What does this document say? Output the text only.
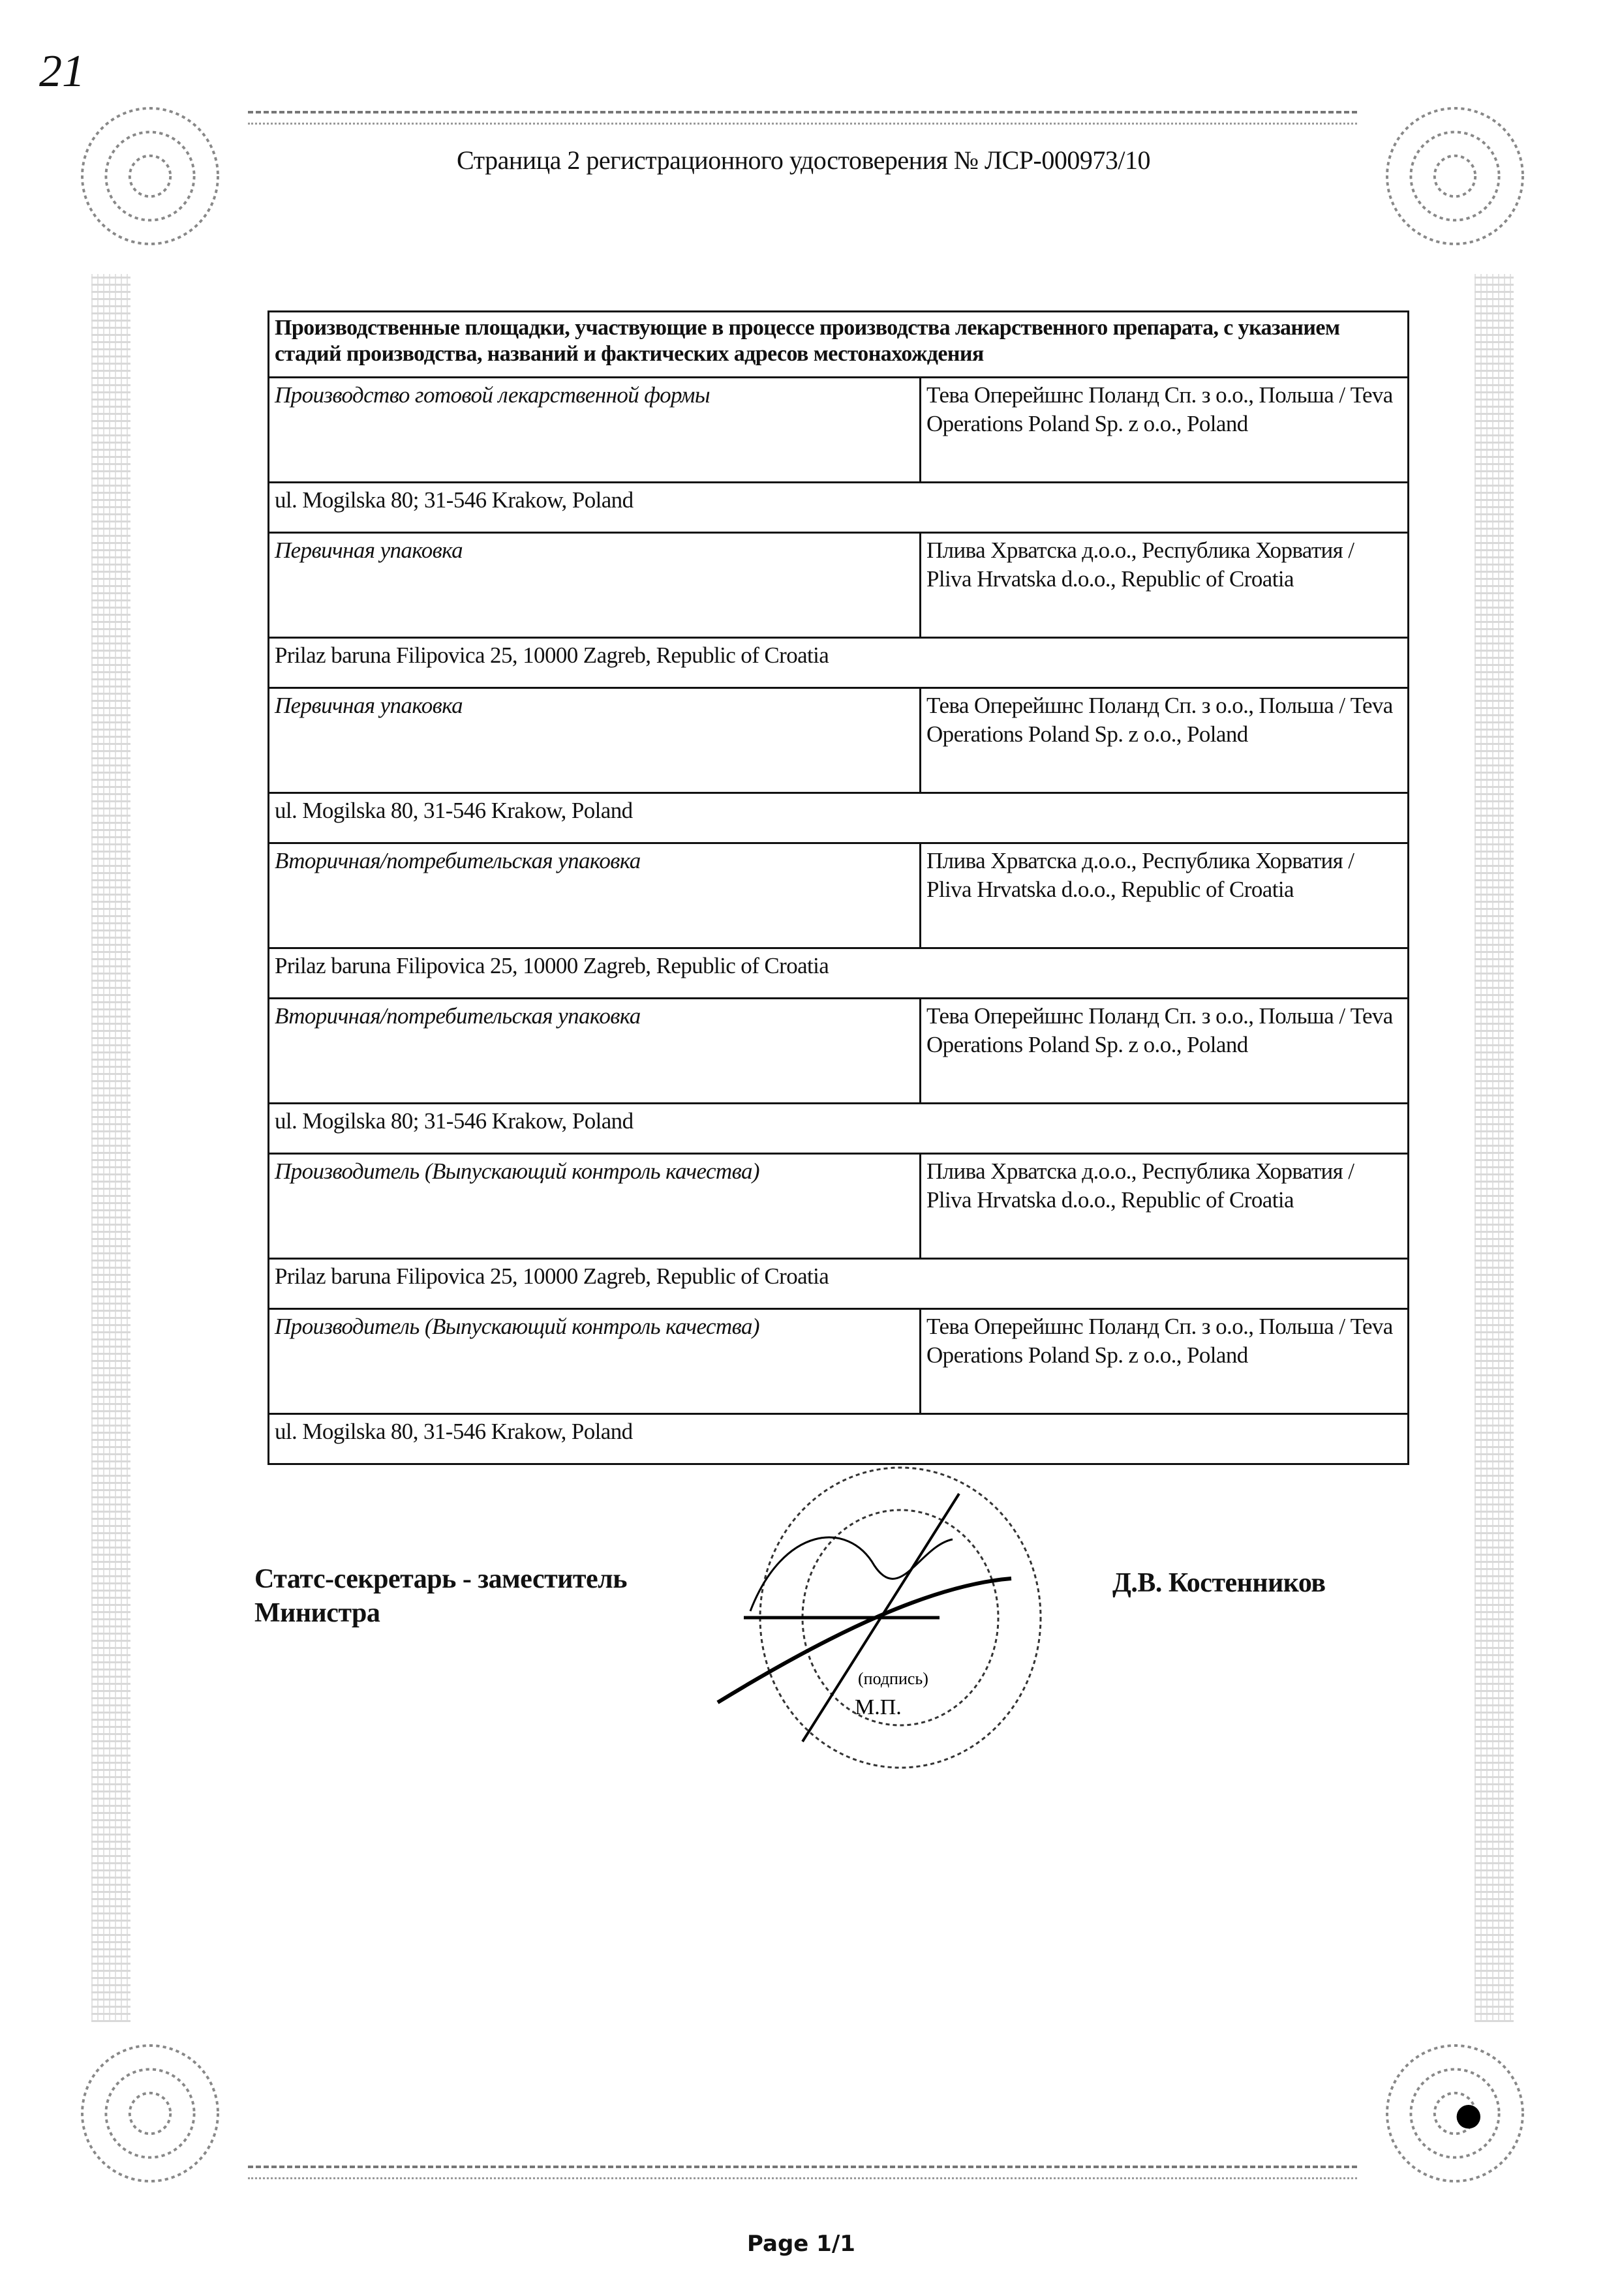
21
Страница 2 регистрационного удостоверения № ЛСР-000973/10
Производственные площадки, участвующие в процессе производства лекарственного препарата, с указанием стадий производства, названий и фактических адресов местонахождения	
Производство готовой лекарственной формы	Тева Оперейшнс Поланд Сп. з о.о., Польша / Teva Operations Poland Sp. z o.o., Poland
ul. Mogilska 80; 31-546 Krakow, Poland	
Первичная упаковка	Плива Хрватска д.о.о., Республика Хорватия / Pliva Hrvatska d.o.o., Republic of Croatia
Prilaz baruna Filipovica 25, 10000 Zagreb, Republic of Croatia	
Первичная упаковка	Тева Оперейшнс Поланд Сп. з о.о., Польша / Teva Operations Poland Sp. z o.o., Poland
ul. Mogilska 80, 31-546 Krakow, Poland	
Вторичная/потребительская упаковка	Плива Хрватска д.о.о., Республика Хорватия / Pliva Hrvatska d.o.o., Republic of Croatia
Prilaz baruna Filipovica 25, 10000 Zagreb, Republic of Croatia	
Вторичная/потребительская упаковка	Тева Оперейшнс Поланд Сп. з о.о., Польша / Teva Operations Poland Sp. z o.o., Poland
ul. Mogilska 80; 31-546 Krakow, Poland	
Производитель (Выпускающий контроль качества)	Плива Хрватска д.о.о., Республика Хорватия / Pliva Hrvatska d.o.o., Republic of Croatia
Prilaz baruna Filipovica 25, 10000 Zagreb, Republic of Croatia	
Производитель (Выпускающий контроль качества)	Тева Оперейшнс Поланд Сп. з о.о., Польша / Teva Operations Poland Sp. z o.o., Poland
ul. Mogilska 80, 31-546 Krakow, Poland	
(подпись)
М.П.
Статс-секретарь - заместитель
Министра
Д.В. Костенников
Page 1/1
